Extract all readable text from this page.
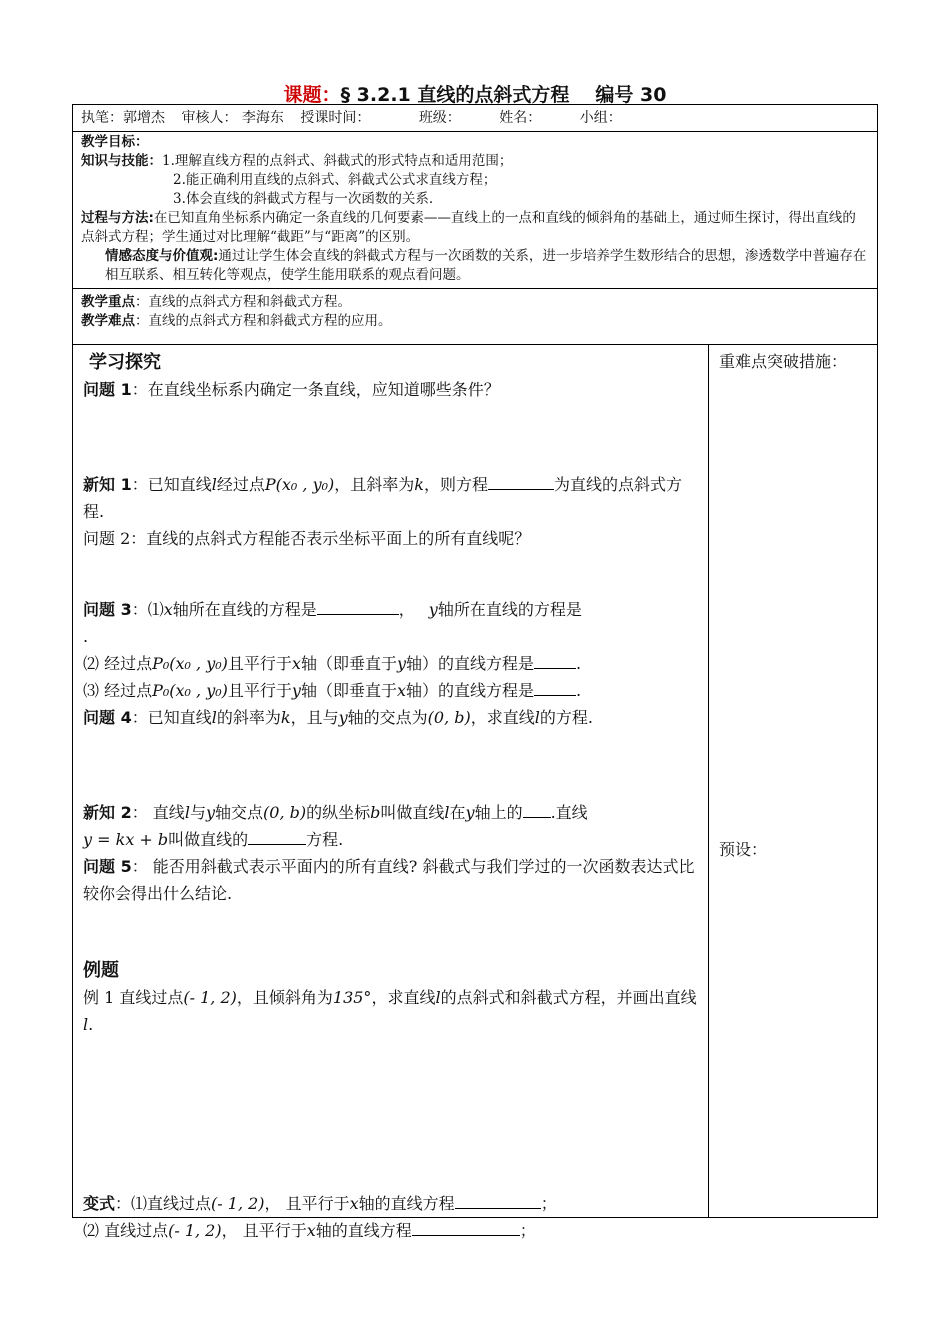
课题：§ 3.2.1 直线的点斜式方程 编号 30
执笔：郭增杰 审核人： 李海东 授课时间：	班级：	姓名：	小组：

教学目标：

知识与技能：1.理解直线方程的点斜式、斜截式的形式特点和适用范围；

2.能正确利用直线的点斜式、斜截式公式求直线方程；

3.体会直线的斜截式方程与一次函数的关系.

过程与方法:在已知直角坐标系内确定一条直线的几何要素——直线上的一点和直线的倾斜角的基础上，通过师生探讨，得出直线的点斜式方程；学生通过对比理解“截距”与“距离”的区别。

情感态度与价值观:通过让学生体会直线的斜截式方程与一次函数的关系，进一步培养学生数形结合的思想，渗透数学中普遍存在相互联系、相互转化等观点，使学生能用联系的观点看问题。

教学重点：直线的点斜式方程和斜截式方程。

教学难点：直线的点斜式方程和斜截式方程的应用。

学习探究

问题 1：在直线坐标系内确定一条直线，应知道哪些条件？

新知 1：已知直线l经过点P(x₀ , y₀)，且斜率为k，则方程	为直线的点斜式方程.

问题 2：直线的点斜式方程能否表示坐标平面上的所有直线呢？

问题 3：⑴x轴所在直线的方程是	， y轴所在直线的方程是
.

⑵ 经过点P₀(x₀ , y₀)且平行于x轴（即垂直于y轴）的直线方程是	.

⑶ 经过点P₀(x₀ , y₀)且平行于y轴（即垂直于x轴）的直线方程是	.

问题 4：已知直线l的斜率为k，且与y轴的交点为(0, b)，求直线l的方程.

新知 2： 直线l与y轴交点(0, b)的纵坐标b叫做直线l在y轴上的 .直线
y = kx + b叫做直线的	方程.

问题 5： 能否用斜截式表示平面内的所有直线? 斜截式与我们学过的一次函数表达式比较你会得出什么结论.

例题

例 1 直线过点(- 1, 2)，且倾斜角为135°，求直线l的点斜式和斜截式方程，并画出直线l.

变式：⑴直线过点(- 1, 2)， 且平行于x轴的直线方程	；

⑵ 直线过点(- 1, 2)， 且平行于x轴的直线方程	；

重难点突破措施：

预设：
